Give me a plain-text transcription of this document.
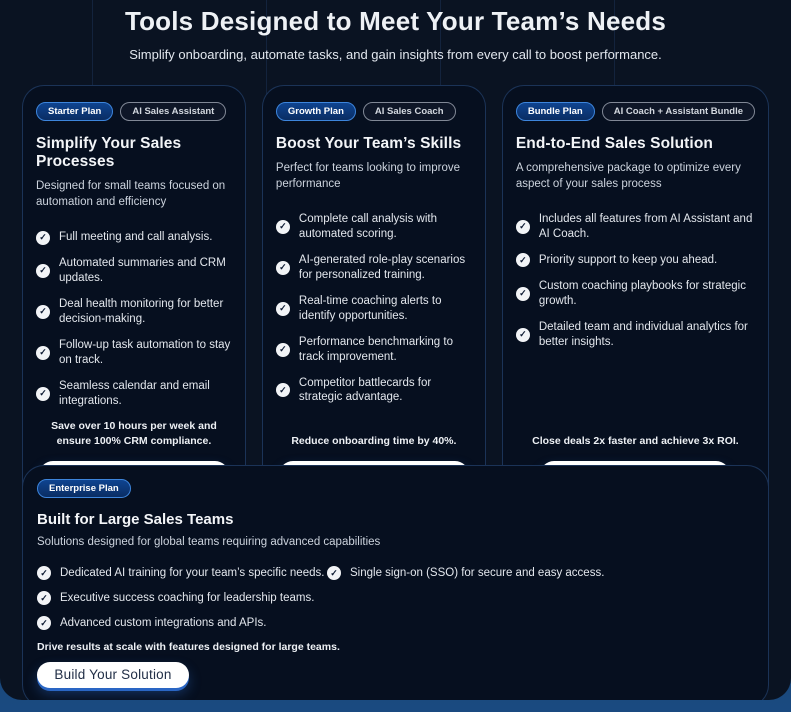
Tools Designed to Meet Your Team’s Needs

Simplify onboarding, automate tasks, and gain insights from every call to boost performance.

Starter Plan	AI Sales Assistant
Simplify Your Sales Processes
Designed for small teams focused on automation and efficiency
✓ Full meeting and call analysis.
✓
Automated summaries and CRM updates.
✓
Deal health monitoring for better decision-making.
✓
Follow-up task automation to stay on track.
✓
Seamless calendar and email integrations.
Save over 10 hours per week and ensure 100% CRM compliance.
Growth Plan	AI Sales Coach
Boost Your Team’s Skills
Perfect for teams looking to improve performance
✓
Complete call analysis with automated scoring.
✓
AI-generated role-play scenarios for personalized training.
✓
Real-time coaching alerts to identify opportunities.
✓
Performance benchmarking to track improvement.
✓
Competitor battlecards for strategic advantage.
Reduce onboarding time by 40%.
Bundle Plan	AI Coach + Assistant Bundle
End-to-End Sales Solution
A comprehensive package to optimize every aspect of your sales process
✓
Includes all features from AI Assistant and AI Coach.
✓ Priority support to keep you ahead.
✓
Custom coaching playbooks for strategic growth.
✓
Detailed team and individual analytics for better insights.
Close deals 2x faster and achieve 3x ROI.
Enterprise Plan
Built for Large Sales Teams
Solutions designed for global teams requiring advanced capabilities
✓ Dedicated AI training for your team’s specific needs.
✓ Executive success coaching for leadership teams.
✓ Advanced custom integrations and APIs.
✓ Single sign-on (SSO) for secure and easy access.
Drive results at scale with features designed for large teams.
Build Your Solution
